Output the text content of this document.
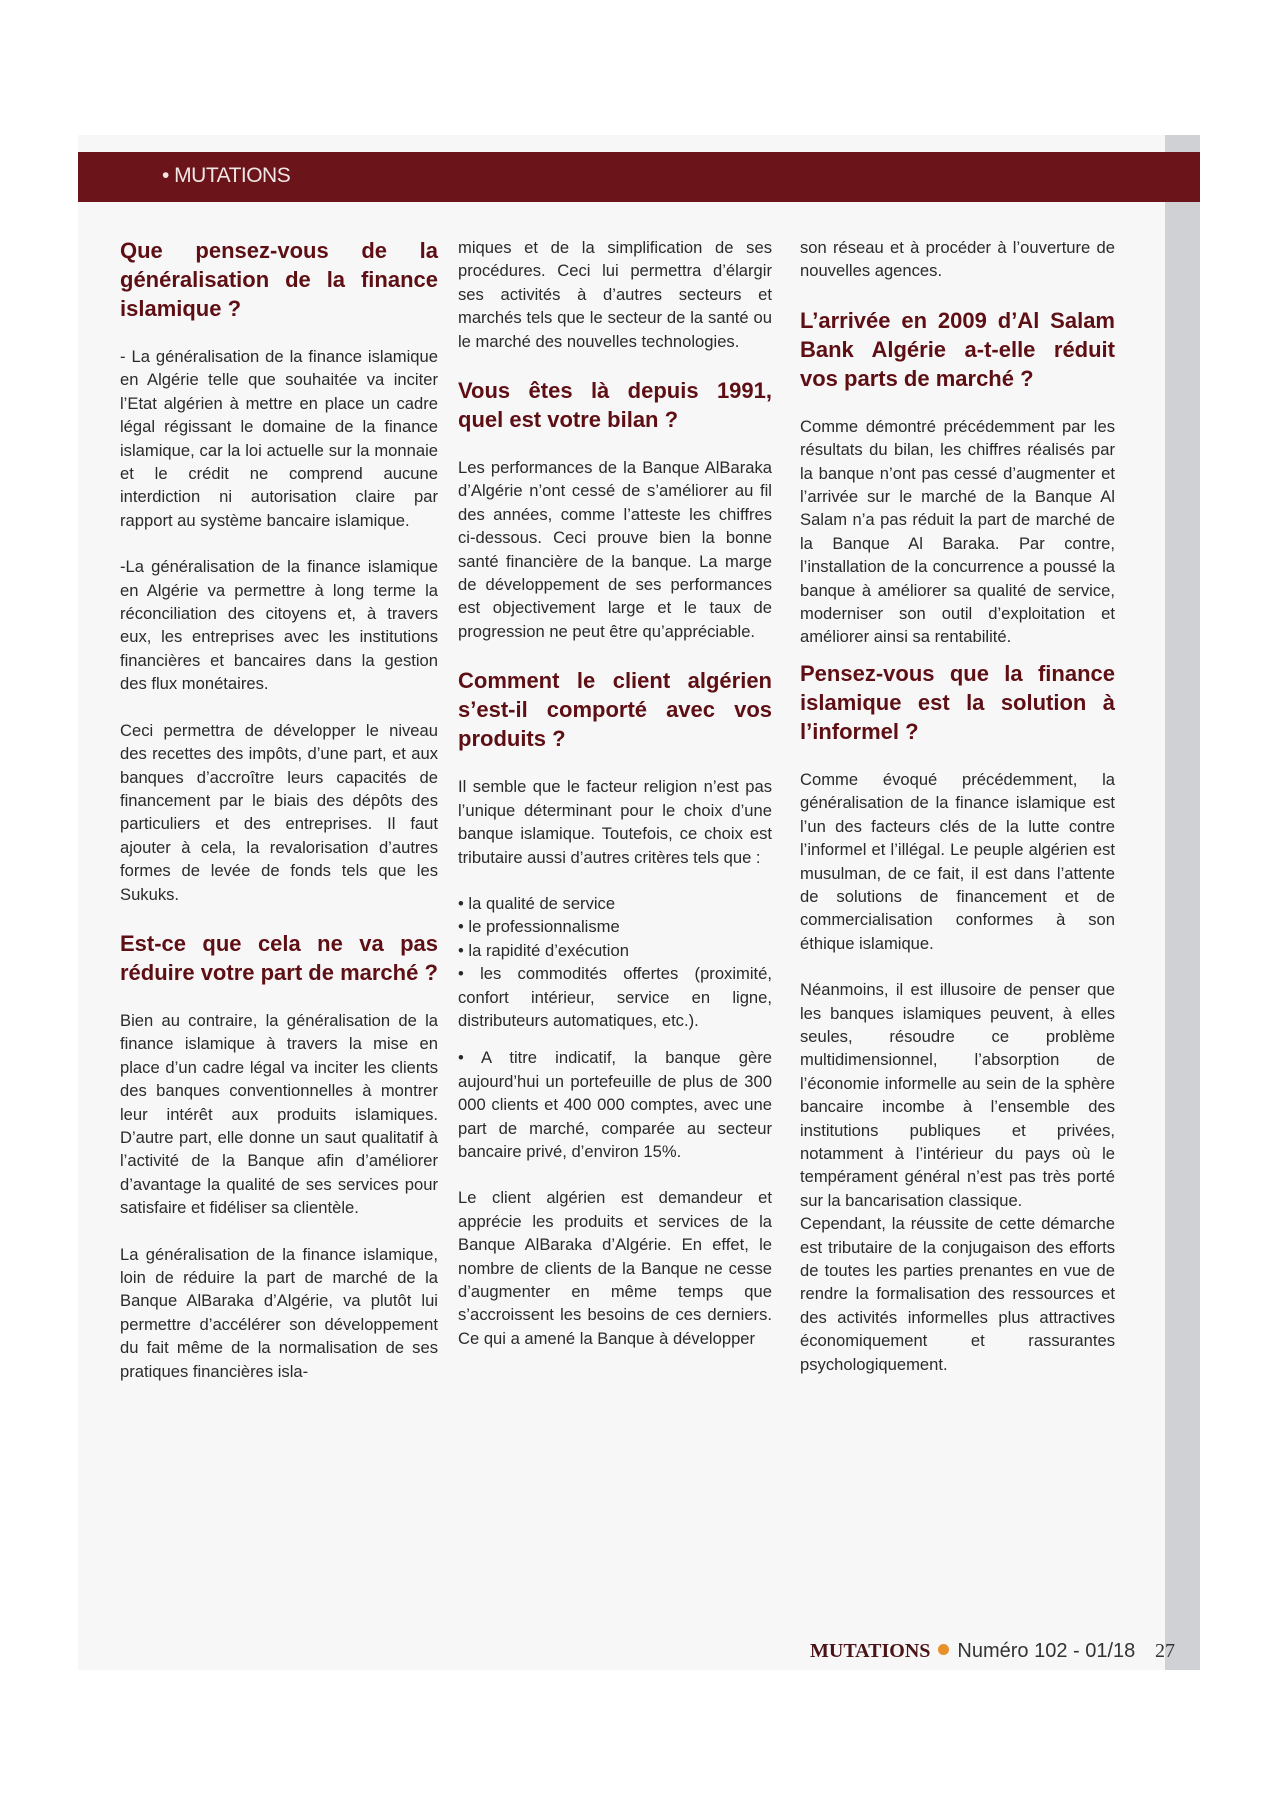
• MUTATIONS
Que pensez-vous de la généralisation de la finance islamique ?

- La généralisation de la finance islamique en Algérie telle que souhaitée va inciter l’Etat algérien à mettre en place un cadre légal régissant le domaine de la finance islamique, car la loi actuelle sur la monnaie et le crédit ne comprend aucune interdiction ni autorisation claire par rapport au système bancaire islamique.

-La généralisation de la finance islamique en Algérie va permettre à long terme la réconciliation des citoyens et, à travers eux, les entreprises avec les institutions financières et bancaires dans la gestion des flux monétaires.

Ceci permettra de développer le niveau des recettes des impôts, d’une part, et aux banques d’accroître leurs capacités de financement par le biais des dépôts des particuliers et des entreprises. Il faut ajouter à cela, la revalorisation d’autres formes de levée de fonds tels que les Sukuks.

Est-ce que cela ne va pas réduire votre part de marché ?

Bien au contraire, la généralisation de la finance islamique à travers la mise en place d’un cadre légal va inciter les clients des banques conventionnelles à montrer leur intérêt aux produits islamiques. D’autre part, elle donne un saut qualitatif à l’activité de la Banque afin d’améliorer d’avantage la qualité de ses services pour satisfaire et fidéliser sa clientèle.

La généralisation de la finance islamique, loin de réduire la part de marché de la Banque AlBaraka d’Algérie, va plutôt lui permettre d’accélérer son développement du fait même de la normalisation de ses pratiques financières isla-

miques et de la simplification de ses procédures. Ceci lui permettra d’élargir ses activités à d’autres secteurs et marchés tels que le secteur de la santé ou le marché des nouvelles technologies.

Vous êtes là depuis 1991, quel est votre bilan ?

Les performances de la Banque AlBaraka d’Algérie n’ont cessé de s’améliorer au fil des années, comme l’atteste les chiffres ci-dessous. Ceci prouve bien la bonne santé financière de la banque. La marge de développement de ses performances est objectivement large et le taux de progression ne peut être qu’appréciable.

Comment le client algérien s’est-il comporté avec vos produits ?

Il semble que le facteur religion n’est pas l’unique déterminant pour le choix d’une banque islamique. Toutefois, ce choix est tributaire aussi d’autres critères tels que :

• la qualité de service
• le professionnalisme
• la rapidité d’exécution
• les commodités offertes (proximité, confort intérieur, service en ligne, distributeurs automatiques, etc.).

• A titre indicatif, la banque gère aujourd’hui un portefeuille de plus de 300 000 clients et 400 000 comptes, avec une part de marché, comparée au secteur bancaire privé, d’environ 15%.

Le client algérien est demandeur et apprécie les produits et services de la Banque AlBaraka d’Algérie. En effet, le nombre de clients de la Banque ne cesse d’augmenter en même temps que s’accroissent les besoins de ces derniers. Ce qui a amené la Banque à développer

son réseau et à procéder à l’ouverture de nouvelles agences.

L’arrivée en 2009 d’Al Salam Bank Algérie a-t-elle réduit vos parts de marché ?

Comme démontré précédemment par les résultats du bilan, les chiffres réalisés par la banque n’ont pas cessé d’augmenter et l’arrivée sur le marché de la Banque Al Salam n’a pas réduit la part de marché de la Banque Al Baraka. Par contre, l’installation de la concurrence a poussé la banque à améliorer sa qualité de service, moderniser son outil d’exploitation et améliorer ainsi sa rentabilité.

Pensez-vous que la finance islamique est la solution à l’informel ?

Comme évoqué précédemment, la généralisation de la finance islamique est l’un des facteurs clés de la lutte contre l’informel et l’illégal. Le peuple algérien est musulman, de ce fait, il est dans l’attente de solutions de financement et de commercialisation conformes à son éthique islamique.

Néanmoins, il est illusoire de penser que les banques islamiques peuvent, à elles seules, résoudre ce problème multidimensionnel, l’absorption de l’économie informelle au sein de la sphère bancaire incombe à l’ensemble des institutions publiques et privées, notamment à l’intérieur du pays où le tempérament général n’est pas très porté sur la bancarisation classique.

Cependant, la réussite de cette démarche est tributaire de la conjugaison des efforts de toutes les parties prenantes en vue de rendre la formalisation des ressources et des activités informelles plus attractives économiquement et rassurantes psychologiquement.

MUTATIONS Numéro 102 - 01/18 27
